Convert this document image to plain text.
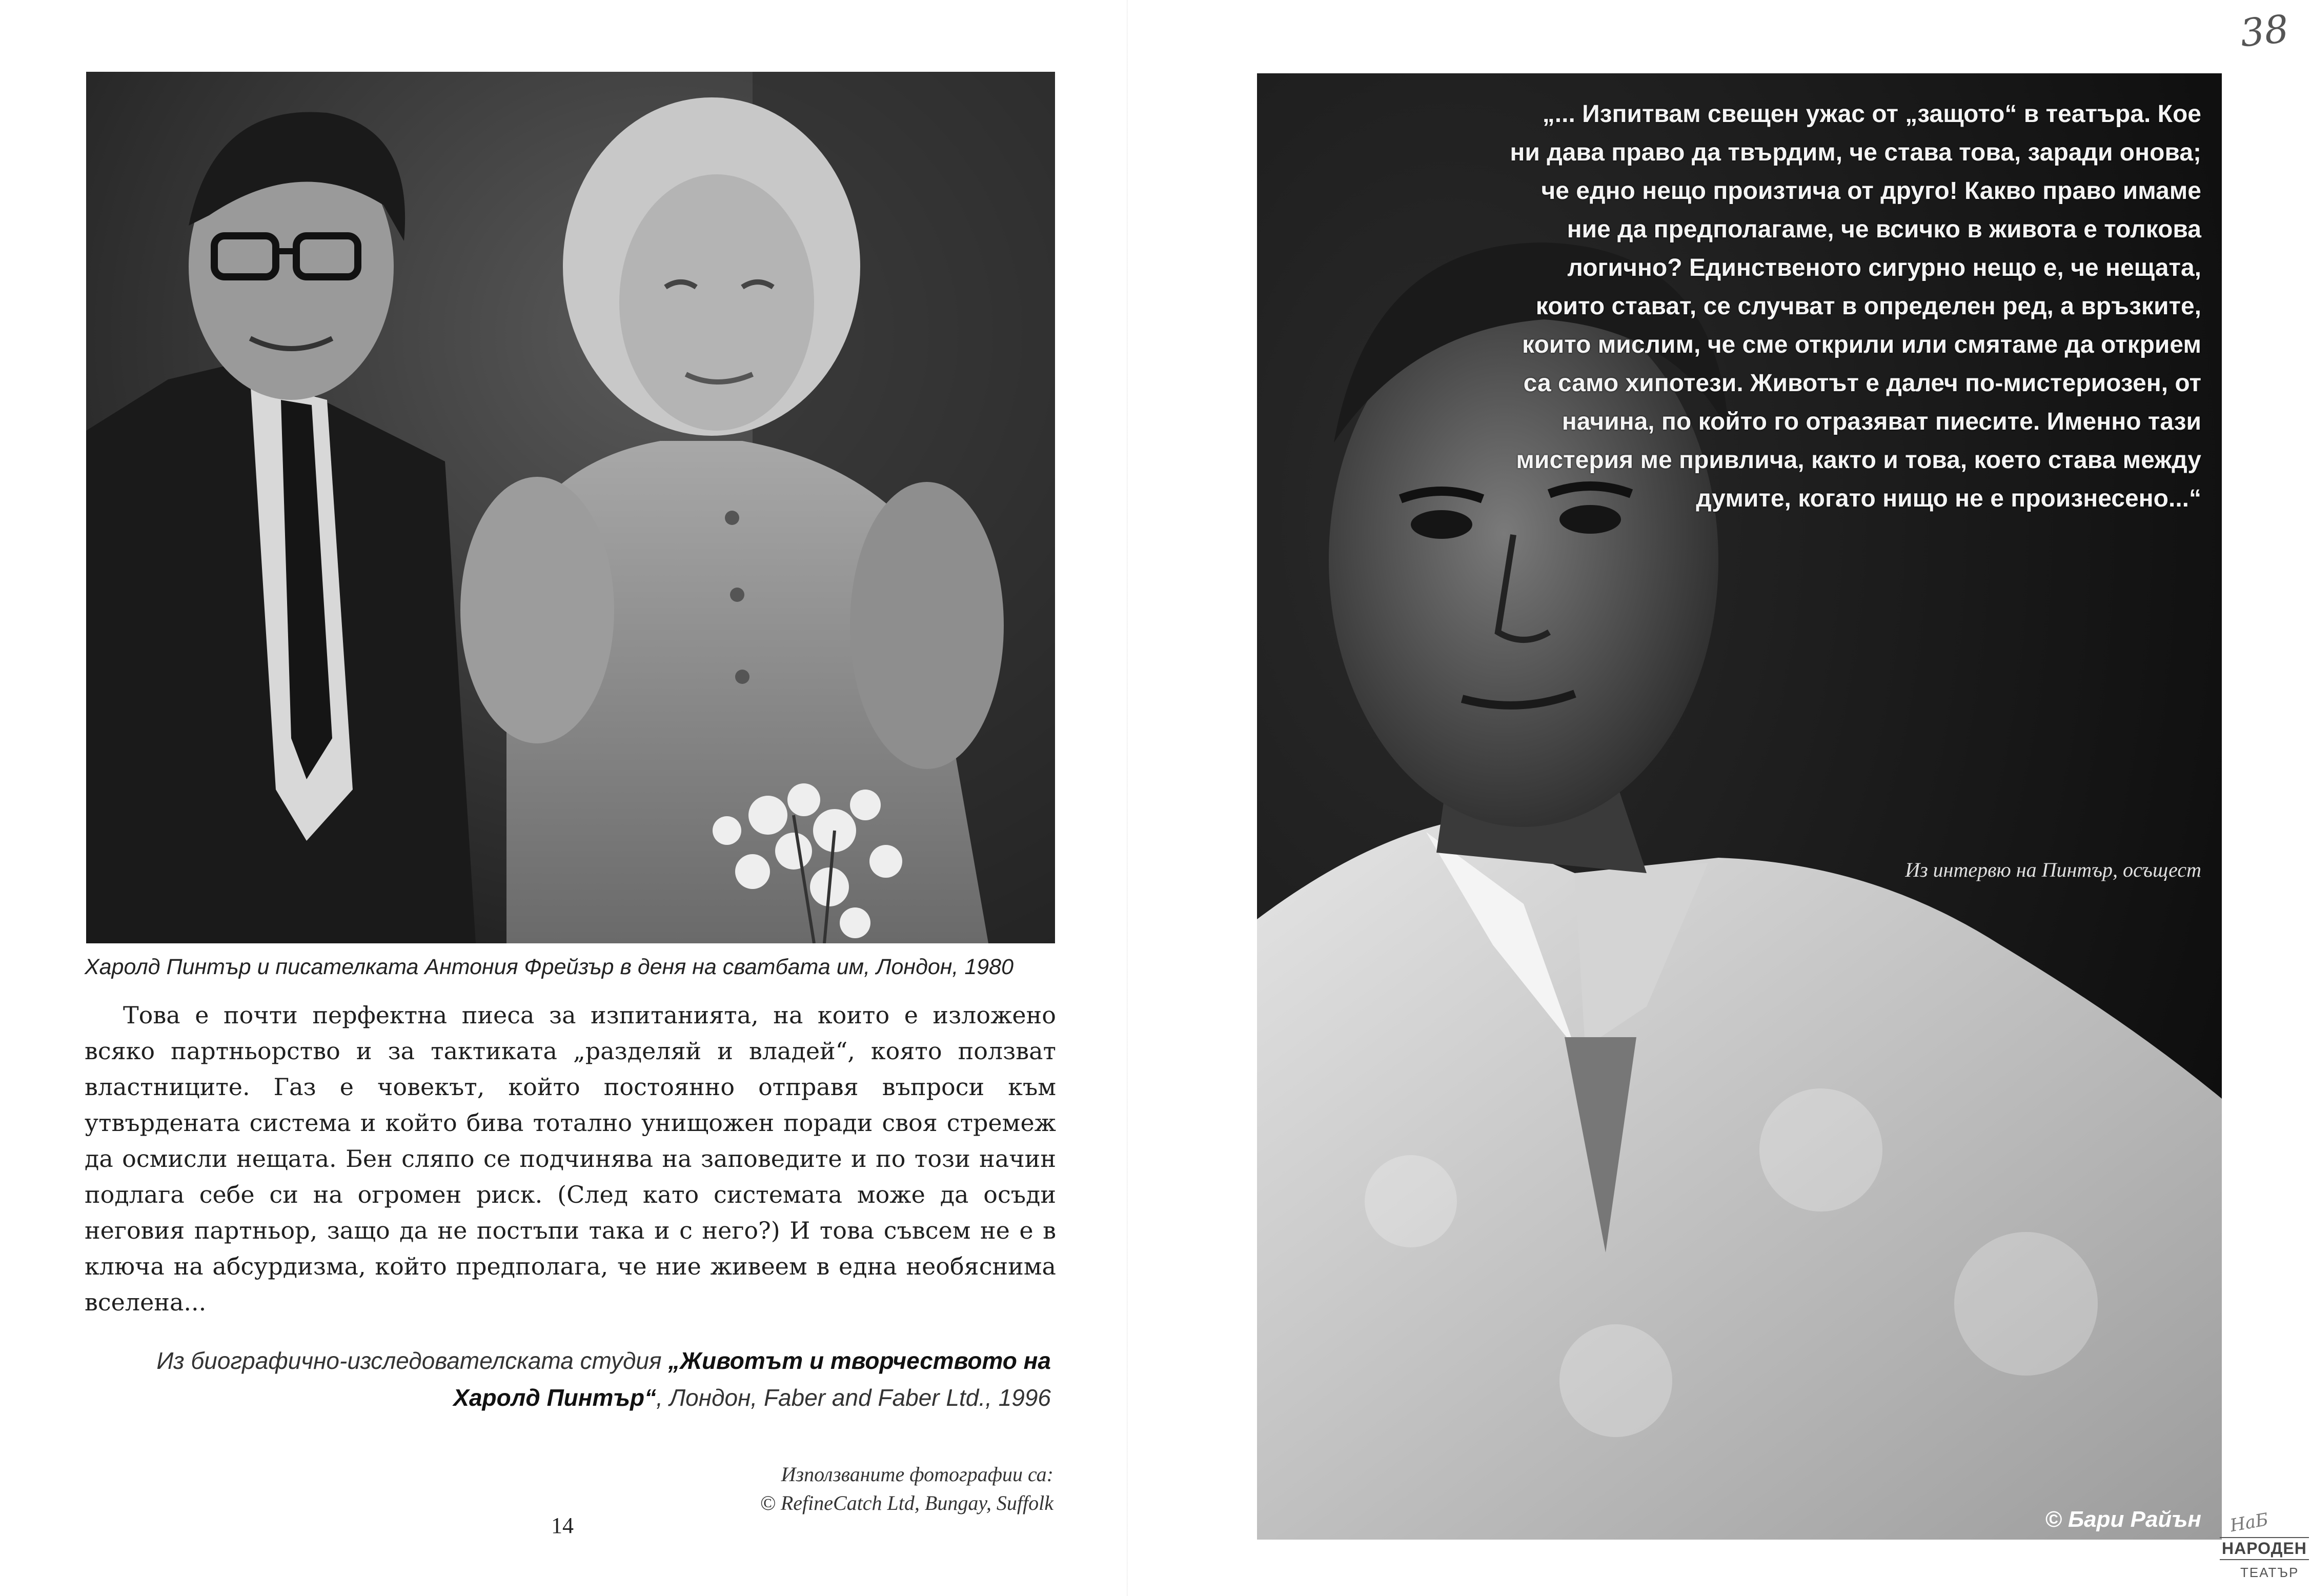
Харолд Пинтър и писателката Антония Фрейзър в деня на сватбата им, Лондон, 1980
Това е почти перфектна пиеса за изпитанията, на които е изложено всяко партньорство и за тактиката „разделяй и владей“, която ползват властниците. Газ е човекът, който постоянно отправя въпроси към утвърдената система и който бива тотално унищожен поради своя стремеж да осмисли нещата. Бен сляпо се подчинява на заповедите и по този начин подлага себе си на огромен риск. (След като системата може да осъди неговия партньор, защо да не постъпи така и с него?) И това съвсем не е в ключа на абсурдизма, който предполага, че ние живеем в една необяснима вселена...
Из биографично-изследователската студия „Животът и творчеството на Харолд Пинтър“, Лондон, Faber and Faber Ltd., 1996
Използваните фотографии са:
© RefineCatch Ltd, Bungay, Suffolk
14
38
„... Изпитвам свещен ужас от „защото“ в театъра. Кое ни дава право да твърдим, че става това, заради онова; че едно нещо произтича от друго! Какво право имаме ние да предполагаме, че всичко в живота е толкова логично? Единственото сигурно нещо е, че нещата, които стават, се случват в определен ред, а връзките, които мислим, че сме открили или смятаме да открием са само хипотези. Животът е далеч по-мистериозен, от начина, по който го отразяват пиесите. Именно тази мистерия ме привлича, както и това, което става между думите, когато нищо не е произнесено...“
Из интервю на Пинтър, осъщест
© Бари Райън НаБ
НАРОДЕН
ТЕАТЪР
